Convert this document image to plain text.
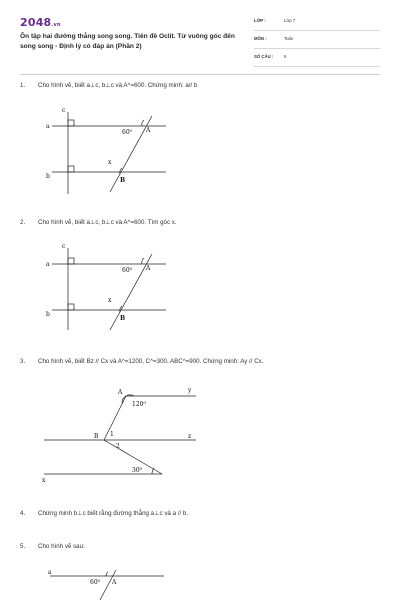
2048.vn
Ôn tập hai đường thẳng song song. Tiên đề Oclit. Từ vuông góc đến song song - Định lý có đáp án (Phần 2)
LỚP :	Lớp 7
MÔN :	Toán
SỐ CÂU : 5
1. Cho hình vẽ, biết a⊥c, b⊥c và A^=600. Chứng minh: a// b
c
a
b
60⁰ A
x
B
2. Cho hình vẽ, biết a⊥c, b⊥c và A^=600. Tìm góc x.
c
a
b
60⁰ A
x
B
3. Cho hình vẽ, biết Bz // Cx và A^=1200, C^=300, ABC^=900. Chứng minh: Ay // Cx.
A	y
120⁰
B 1
2
z
30⁰
x
4. Chứng minh b⊥c biết rằng đường thẳng a⊥c và a // b.
5. Cho hình vẽ sau:
a
60⁰ A
